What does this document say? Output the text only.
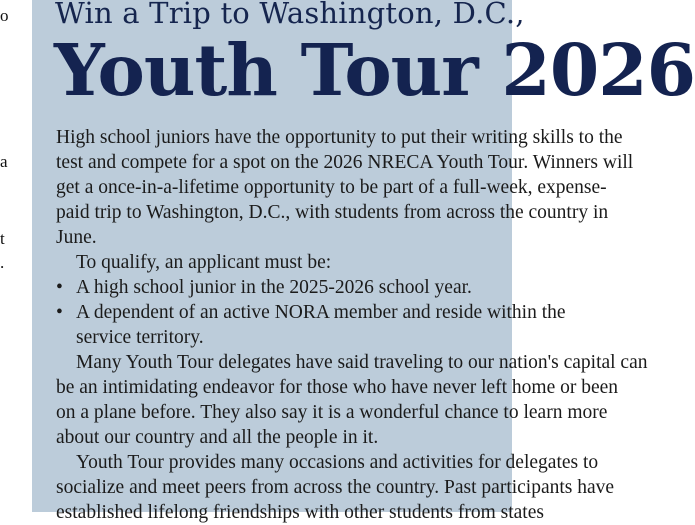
o
a
t
.
Win a Trip to Washington, D.C.,
Youth Tour 2026
High school juniors have the opportunity to put their writing skills to the
test and compete for a spot on the 2026 NRECA Youth Tour. Winners will
get a once-in-a-lifetime opportunity to be part of a full-week, expense-
paid trip to Washington, D.C., with students from across the country in
June.
To qualify, an applicant must be:
• A high school junior in the 2025-2026 school year.
• A dependent of an active NORA member and reside within the
service territory.
Many Youth Tour delegates have said traveling to our nation's capital can
be an intimidating endeavor for those who have never left home or been
on a plane before. They also say it is a wonderful chance to learn more
about our country and all the people in it.
Youth Tour provides many occasions and activities for delegates to
socialize and meet peers from across the country. Past participants have
established lifelong friendships with other students from states
